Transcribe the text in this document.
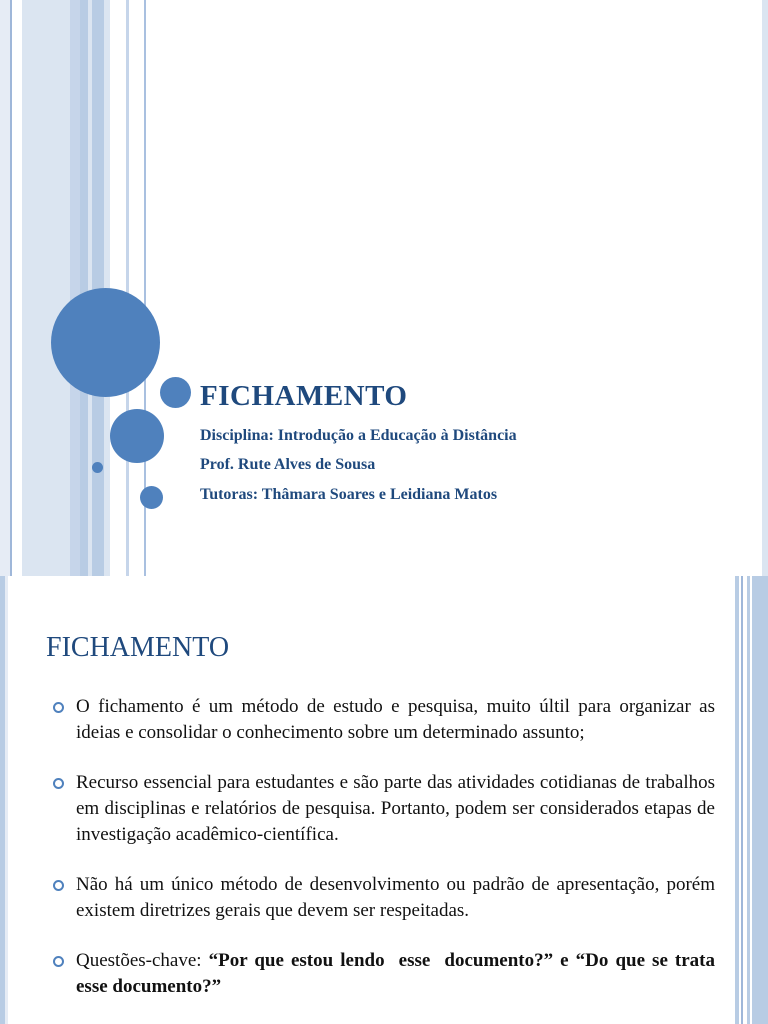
FICHAMENTO
Disciplina: Introdução a Educação à Distância
Prof. Rute Alves de Sousa
Tutoras: Thâmara Soares e Leidiana Matos
FICHAMENTO
O fichamento é um método de estudo e pesquisa, muito últil para organizar as ideias e consolidar o conhecimento sobre um determinado assunto;
Recurso essencial para estudantes e são parte das atividades cotidianas de trabalhos em disciplinas e relatórios de pesquisa. Portanto, podem ser considerados etapas de investigação acadêmico-científica.
Não há um único método de desenvolvimento ou padrão de apresentação, porém existem diretrizes gerais que devem ser respeitadas.
Questões-chave: “Por que estou lendo  esse  documento?” e “Do que se trata esse documento?”
